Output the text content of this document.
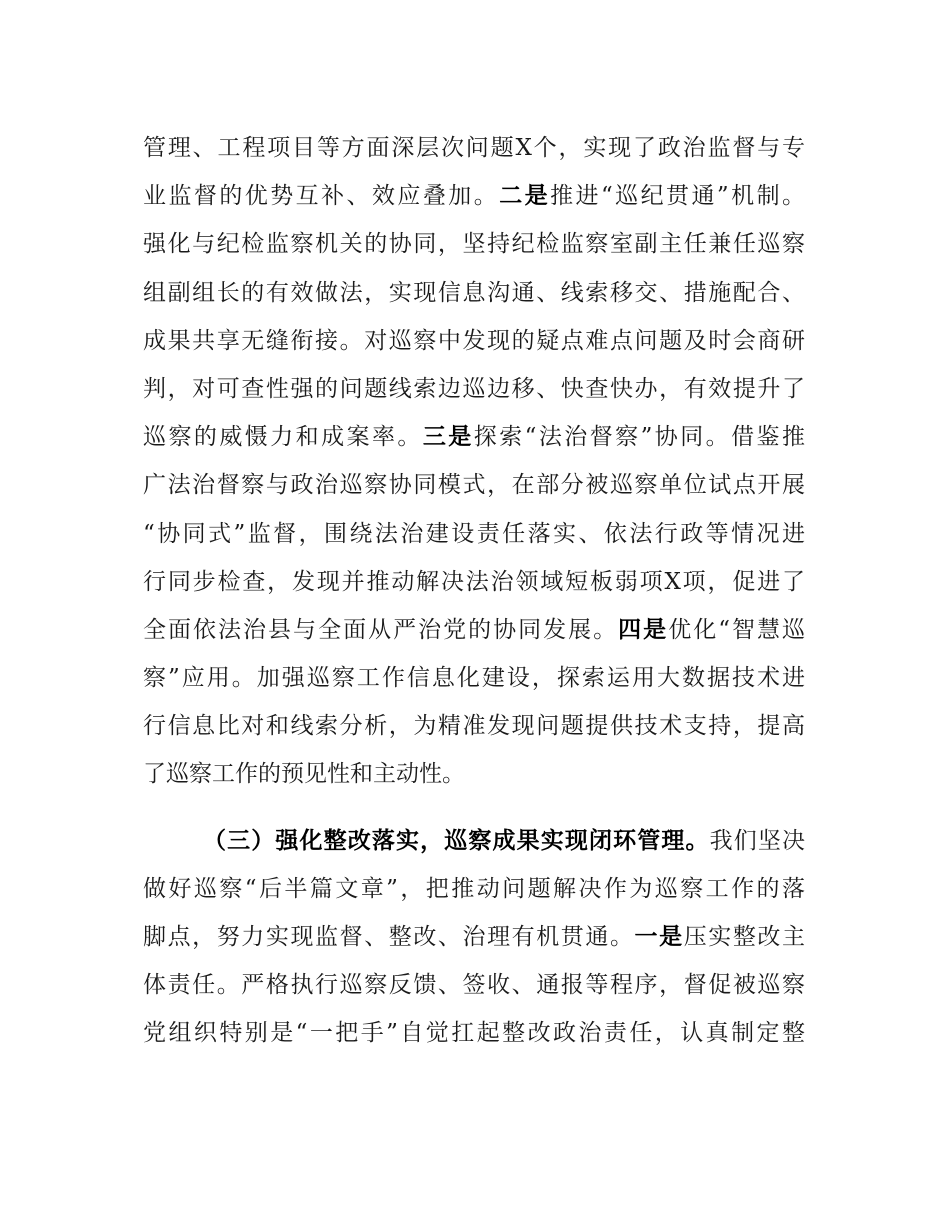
管理、工程项目等方面深层次问题X个，实现了政治监督与专
业监督的优势互补、效应叠加。二是推进“巡纪贯通”机制。
强化与纪检监察机关的协同，坚持纪检监察室副主任兼任巡察
组副组长的有效做法，实现信息沟通、线索移交、措施配合、
成果共享无缝衔接。对巡察中发现的疑点难点问题及时会商研
判，对可查性强的问题线索边巡边移、快查快办，有效提升了
巡察的威慑力和成案率。三是探索“法治督察”协同。借鉴推
广法治督察与政治巡察协同模式，在部分被巡察单位试点开展
“协同式”监督，围绕法治建设责任落实、依法行政等情况进
行同步检查，发现并推动解决法治领域短板弱项X项，促进了
全面依法治县与全面从严治党的协同发展。四是优化“智慧巡
察”应用。加强巡察工作信息化建设，探索运用大数据技术进
行信息比对和线索分析，为精准发现问题提供技术支持，提高
了巡察工作的预见性和主动性。
（三）强化整改落实，巡察成果实现闭环管理。我们坚决
做好巡察“后半篇文章”，把推动问题解决作为巡察工作的落
脚点，努力实现监督、整改、治理有机贯通。一是压实整改主
体责任。严格执行巡察反馈、签收、通报等程序，督促被巡察
党组织特别是“一把手”自觉扛起整改政治责任，认真制定整
